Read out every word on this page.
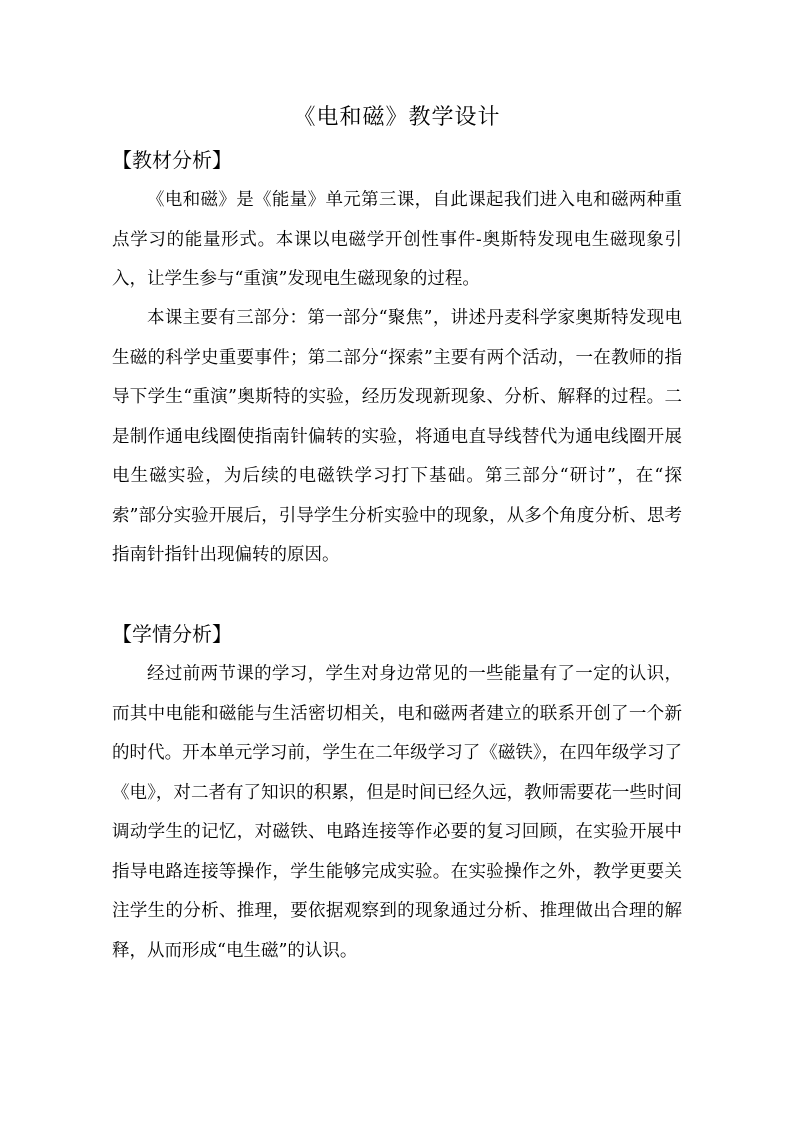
《电和磁》教学设计
【教材分析】

《电和磁》是《能量》单元第三课，自此课起我们进入电和磁两种重点学习的能量形式。本课以电磁学开创性事件-奥斯特发现电生磁现象引入，让学生参与“重演”发现电生磁现象的过程。

本课主要有三部分：第一部分“聚焦”，讲述丹麦科学家奥斯特发现电生磁的科学史重要事件；第二部分“探索”主要有两个活动，一在教师的指导下学生“重演”奥斯特的实验，经历发现新现象、分析、解释的过程。二是制作通电线圈使指南针偏转的实验，将通电直导线替代为通电线圈开展电生磁实验，为后续的电磁铁学习打下基础。第三部分“研讨”，在“探索”部分实验开展后，引导学生分析实验中的现象，从多个角度分析、思考指南针指针出现偏转的原因。

【学情分析】

经过前两节课的学习，学生对身边常见的一些能量有了一定的认识，而其中电能和磁能与生活密切相关，电和磁两者建立的联系开创了一个新的时代。开本单元学习前，学生在二年级学习了《磁铁》，在四年级学习了《电》，对二者有了知识的积累，但是时间已经久远，教师需要花一些时间调动学生的记忆，对磁铁、电路连接等作必要的复习回顾，在实验开展中指导电路连接等操作，学生能够完成实验。在实验操作之外，教学更要关注学生的分析、推理，要依据观察到的现象通过分析、推理做出合理的解释，从而形成“电生磁”的认识。
